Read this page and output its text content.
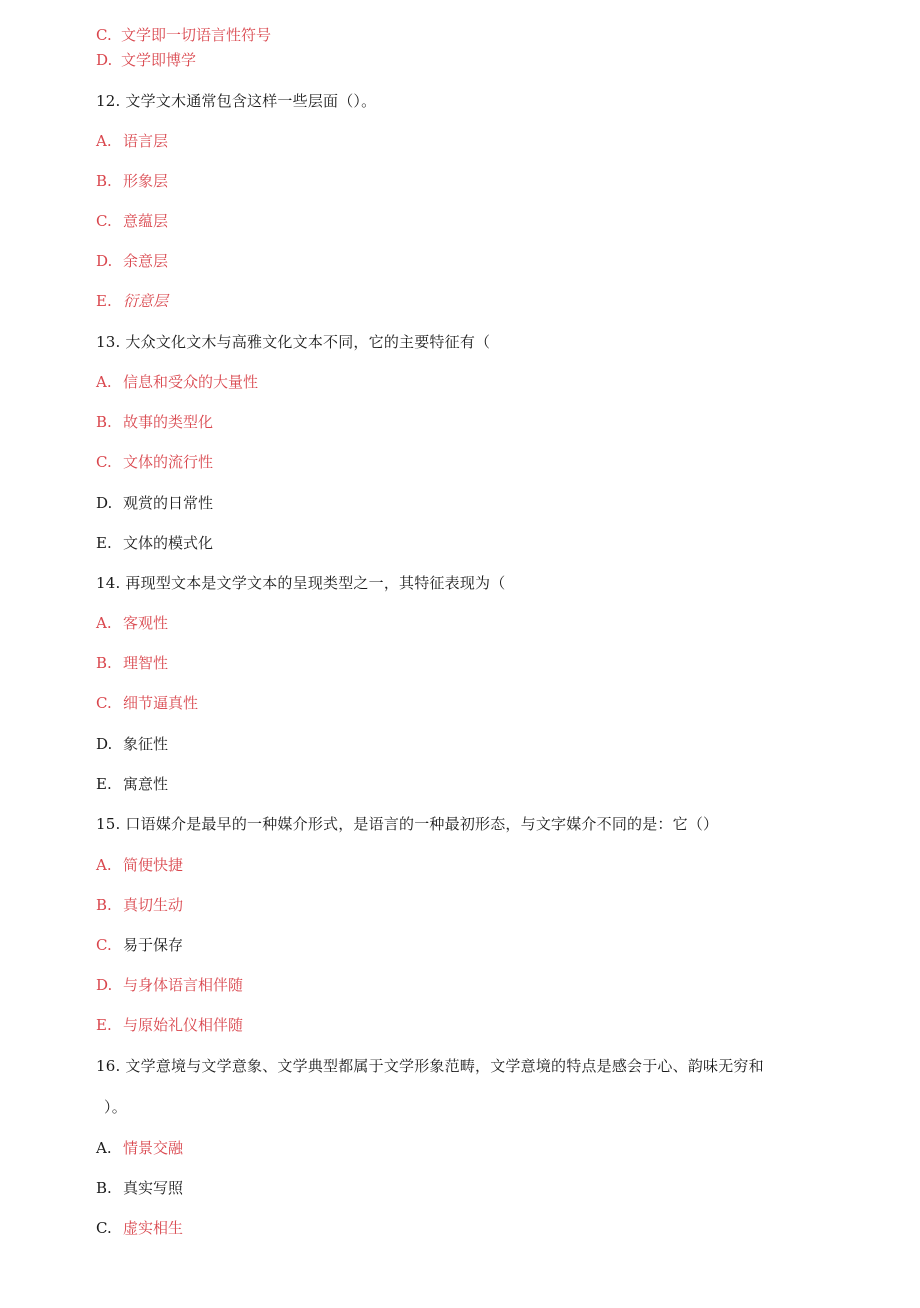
C. 文学即一切语言性符号
D. 文学即博学
12. 文学文木通常包含这样一些层面（）。
A. 语言层
B. 形象层
C. 意蕴层
D. 余意层
E. 衍意层
13. 大众文化文木与高雅文化文本不同，它的主要特征有（
A. 信息和受众的大量性
B. 故事的类型化
C. 文体的流行性
D. 观赏的日常性
E. 文体的模式化
14. 再现型文本是文学文本的呈现类型之一，其特征表现为（
A. 客观性
B. 理智性
C. 细节逼真性
D. 象征性
E. 寓意性
15. 口语媒介是最早的一种媒介形式，是语言的一种最初形态，与文字媒介不同的是：它（）
A. 简便快捷
B. 真切生动
C. 易于保存
D. 与身体语言相伴随
E. 与原始礼仪相伴随
16. 文学意境与文学意象、文学典型都属于文学形象范畴，文学意境的特点是感会于心、韵味无穷和
）。
A. 情景交融
B. 真实写照
C. 虚实相生
